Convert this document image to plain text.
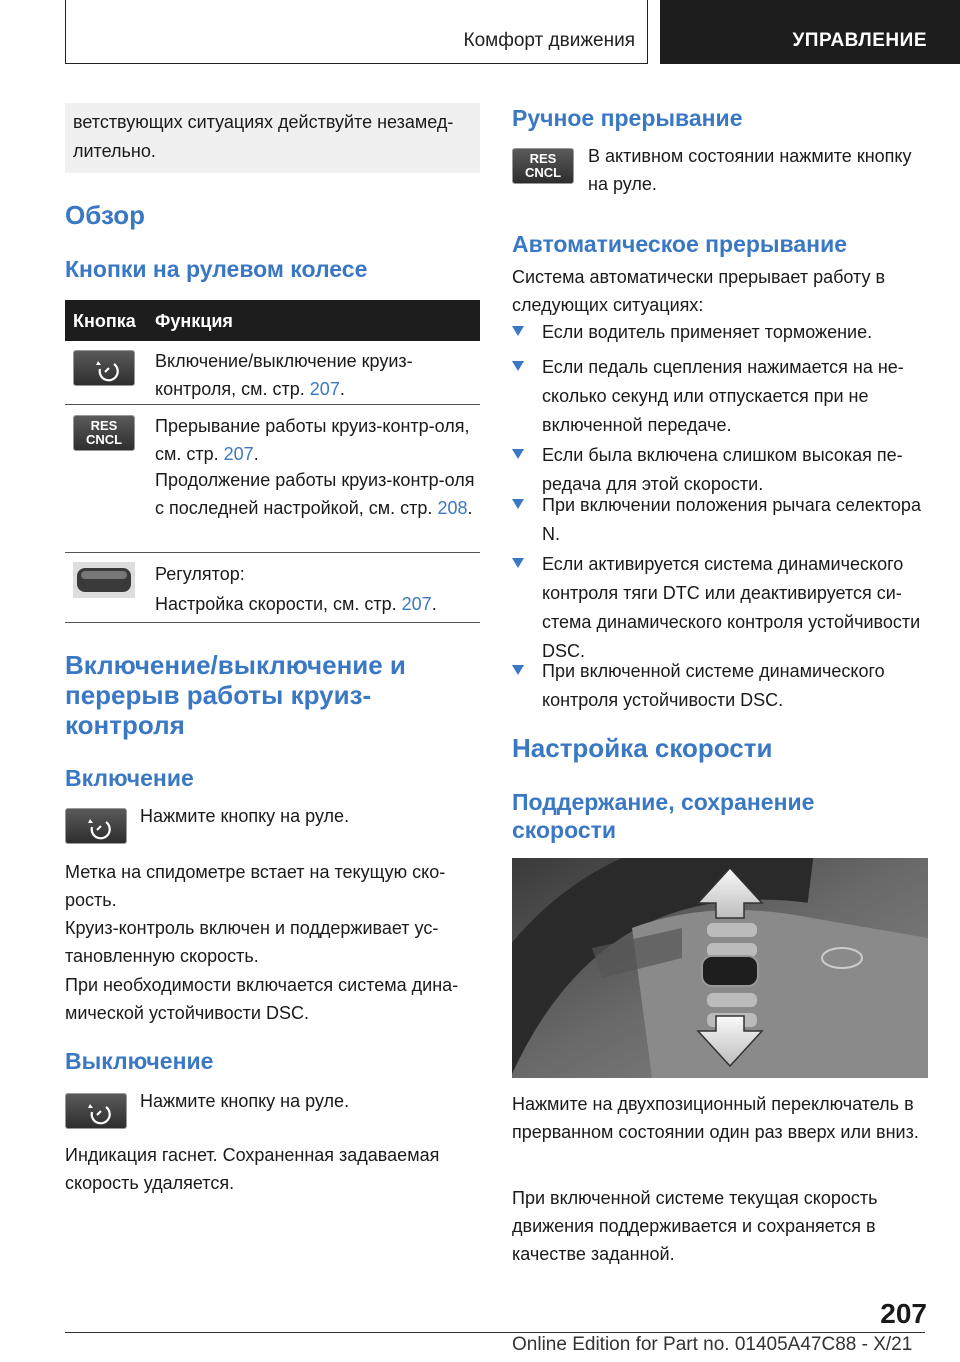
Комфорт движения	УПРАВЛЕНИЕ

ветствующих ситуациях действуйте незамед-лительно.

Обзор
Кнопки на рулевом колесе
Кнопка Функция

Включение/выключение круиз-контроля, см. стр. 207.

RES
CNCL

Прерывание работы круиз-контр-оля, см. стр. 207.

Продолжение работы круиз-контр-оля с последней настройкой, см. стр. 208.

Регулятор:

Настройка скорости, см. стр. 207.

Включение/выключение и перерыв работы круиз-контроля
Включение

Нажмите кнопку на руле.

Метка на спидометре встает на текущую ско-рость.

Круиз-контроль включен и поддерживает ус-тановленную скорость.

При необходимости включается система дина-мической устойчивости DSC.

Выключение

Нажмите кнопку на руле.

Индикация гаснет. Сохраненная задаваемая скорость удаляется.

Ручное прерывание
RES
CNCL

В активном состоянии нажмите кнопку на руле.

Автоматическое прерывание

Система автоматически прерывает работу в следующих ситуациях:

Если водитель применяет торможение.
Если педаль сцепления нажимается на не-сколько секунд или отпускается при не включенной передаче.
Если была включена слишком высокая пе-редача для этой скорости.
При включении положения рычага селектора N.
Если активируется система динамического контроля тяги DTC или деактивируется си-стема динамического контроля устойчивости DSC.
При включенной системе динамического контроля устойчивости DSC.
Настройка скорости
Поддержание, сохранение скорости

Нажмите на двухпозиционный переключатель в прерванном состоянии один раз вверх или вниз.

При включенной системе текущая скорость движения поддерживается и сохраняется в качестве заданной.

207
Online Edition for Part no. 01405A47C88 - X/21
